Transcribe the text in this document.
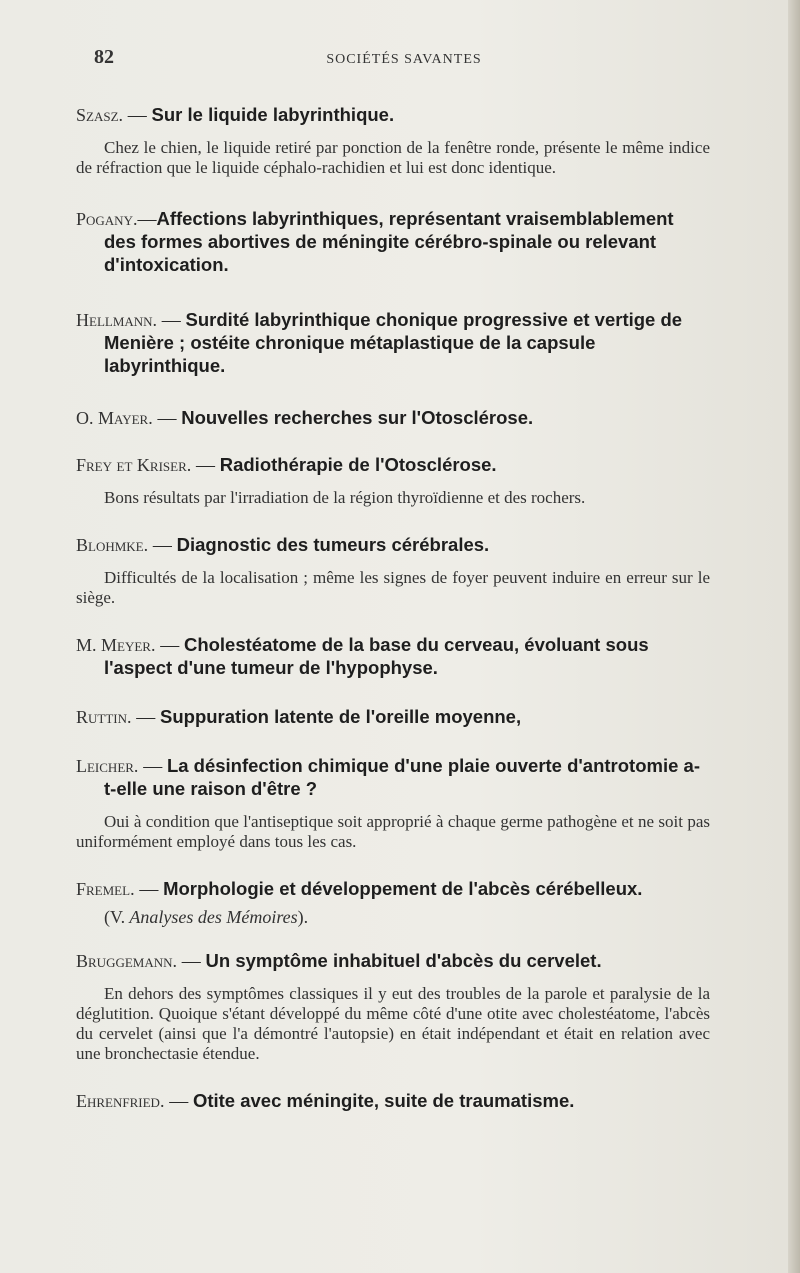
82	SOCIÉTÉS SAVANTES

Szasz. — Sur le liquide labyrinthique.

Chez le chien, le liquide retiré par ponction de la fenêtre ronde, présente le même indice de réfraction que le liquide céphalo-rachidien et lui est donc identique.

Pogany.—Affections labyrinthiques, représentant vraisemblablement des formes abortives de méningite cérébro-spinale ou relevant d'intoxication.

Hellmann. — Surdité labyrinthique chonique progressive et vertige de Menière ; ostéite chronique métaplastique de la capsule labyrinthique.

O. Mayer. — Nouvelles recherches sur l'Otosclérose.

Frey et Kriser. — Radiothérapie de l'Otosclérose.

Bons résultats par l'irradiation de la région thyroïdienne et des rochers.

Blohmke. — Diagnostic des tumeurs cérébrales.

Difficultés de la localisation ; même les signes de foyer peuvent induire en erreur sur le siège.

M. Meyer. — Cholestéatome de la base du cerveau, évoluant sous l'aspect d'une tumeur de l'hypophyse.

Ruttin. — Suppuration latente de l'oreille moyenne,

Leicher. — La désinfection chimique d'une plaie ouverte d'antrotomie a-t-elle une raison d'être ?

Oui à condition que l'antiseptique soit approprié à chaque germe pathogène et ne soit pas uniformément employé dans tous les cas.

Fremel. — Morphologie et développement de l'abcès cérébelleux.

(V. Analyses des Mémoires).

Bruggemann. — Un symptôme inhabituel d'abcès du cervelet.

En dehors des symptômes classiques il y eut des troubles de la parole et paralysie de la déglutition. Quoique s'étant développé du même côté d'une otite avec cholestéatome, l'abcès du cervelet (ainsi que l'a démontré l'autopsie) en était indépendant et était en relation avec une bronchectasie étendue.

Ehrenfried. — Otite avec méningite, suite de traumatisme.
